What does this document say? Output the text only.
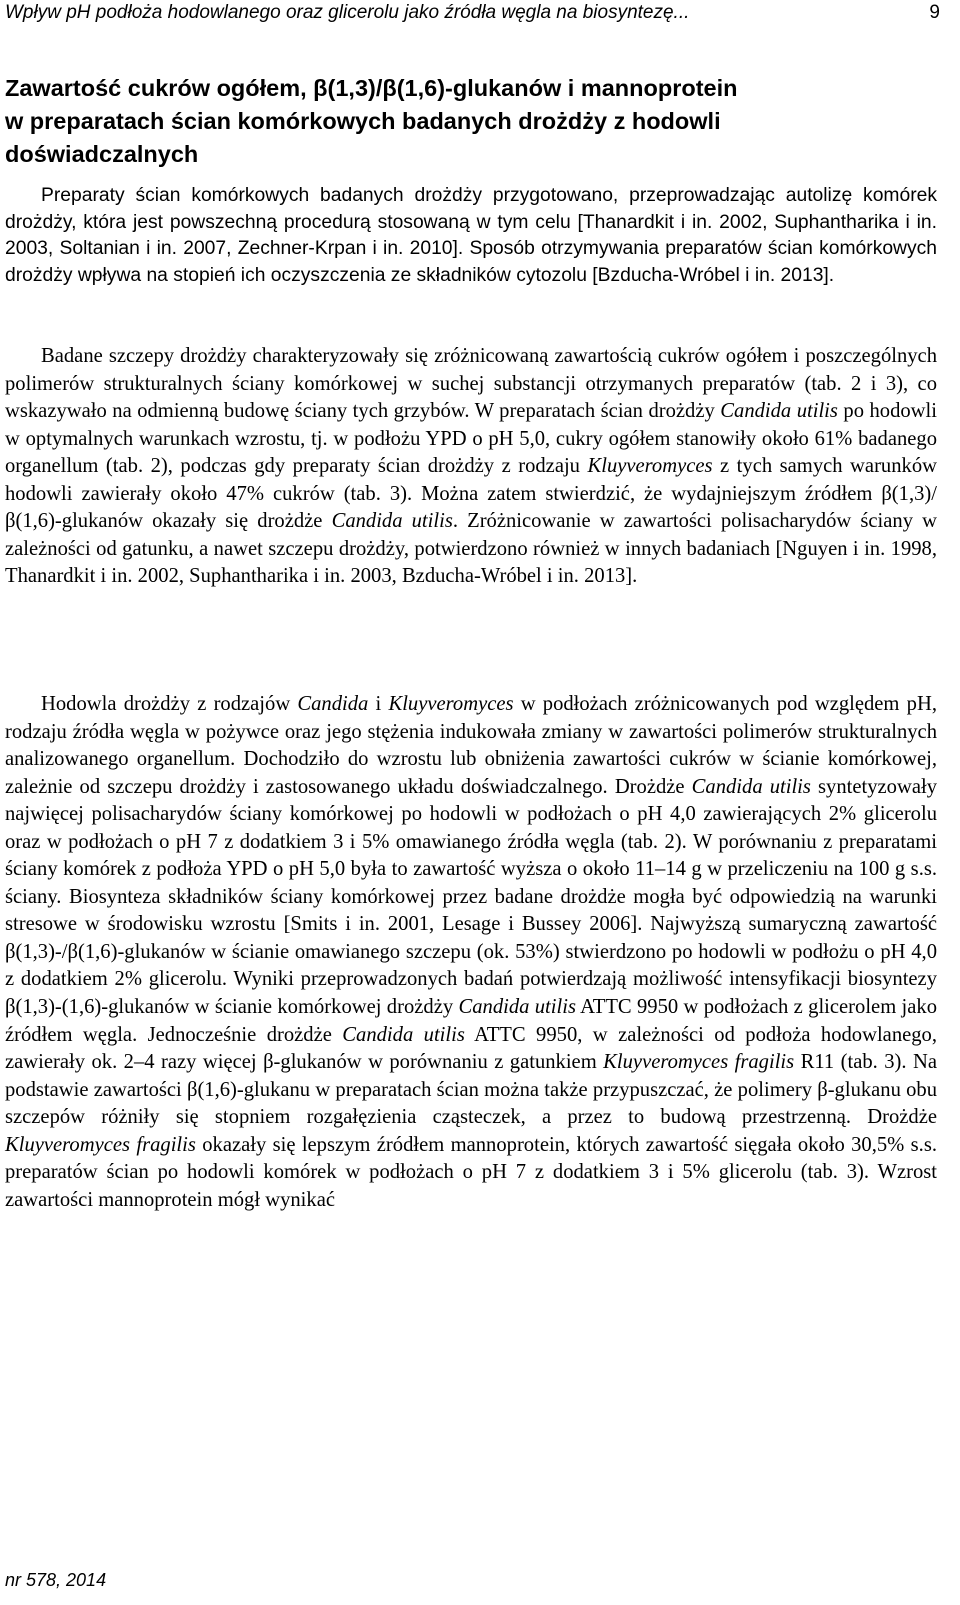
Wpływ pH podłoża hodowlanego oraz glicerolu jako źródła węgla na biosyntezę...	9
Zawartość cukrów ogółem, β(1,3)/β(1,6)-glukanów i mannoprotein
w preparatach ścian komórkowych badanych drożdży z hodowli
doświadczalnych

Preparaty ścian komórkowych badanych drożdży przygotowano, przeprowadzając autolizę komórek drożdży, która jest powszechną procedurą stosowaną w tym celu [Thanardkit i in. 2002, Suphantharika i in. 2003, Soltanian i in. 2007, Zechner-Krpan i in. 2010]. Sposób otrzymywania preparatów ścian komórkowych drożdży wpływa na stopień ich oczyszczenia ze składników cytozolu [Bzducha-Wróbel i in. 2013].

Badane szczepy drożdży charakteryzowały się zróżnicowaną zawartością cukrów ogółem i poszczególnych polimerów strukturalnych ściany komórkowej w suchej substancji otrzymanych preparatów (tab. 2 i 3), co wskazywało na odmienną budowę ściany tych grzybów. W preparatach ścian drożdży Candida utilis po hodowli w optymalnych warunkach wzrostu, tj. w podłożu YPD o pH 5,0, cukry ogółem stanowiły około 61% badanego organellum (tab. 2), podczas gdy preparaty ścian drożdży z rodzaju Kluyveromyces z tych samych warunków hodowli zawierały około 47% cukrów (tab. 3). Można zatem stwierdzić, że wydajniejszym źródłem β(1,3)/β(1,6)-glukanów okazały się drożdże Candida utilis. Zróżnicowanie w zawartości polisacharydów ściany w zależności od gatunku, a nawet szczepu drożdży, potwierdzono również w innych badaniach [Nguyen i in. 1998, Thanardkit i in. 2002, Suphantharika i in. 2003, Bzducha-Wróbel i in. 2013].

Hodowla drożdży z rodzajów Candida i Kluyveromyces w podłożach zróżnicowanych pod względem pH, rodzaju źródła węgla w pożywce oraz jego stężenia indukowała zmiany w zawartości polimerów strukturalnych analizowanego organellum. Dochodziło do wzrostu lub obniżenia zawartości cukrów w ścianie komórkowej, zależnie od szczepu drożdży i zastosowanego układu doświadczalnego. Drożdże Candida utilis syntetyzowały najwięcej polisacharydów ściany komórkowej po hodowli w podłożach o pH 4,0 zawierających 2% glicerolu oraz w podłożach o pH 7 z dodatkiem 3 i 5% omawianego źródła węgla (tab. 2). W porównaniu z preparatami ściany komórek z podłoża YPD o pH 5,0 była to zawartość wyższa o około 11–14 g w przeliczeniu na 100 g s.s. ściany. Biosynteza składników ściany komórkowej przez badane drożdże mogła być odpowiedzią na warunki stresowe w środowisku wzrostu [Smits i in. 2001, Lesage i Bussey 2006]. Najwyższą sumaryczną zawartość β(1,3)-/β(1,6)-glukanów w ścianie omawianego szczepu (ok. 53%) stwierdzono po hodowli w podłożu o pH 4,0 z dodatkiem 2% glicerolu. Wyniki przeprowadzonych badań potwierdzają możliwość intensyfikacji biosyntezy β(1,3)-(1,6)-glukanów w ścianie komórkowej drożdży Candida utilis ATTC 9950 w podłożach z glicerolem jako źródłem węgla. Jednocześnie drożdże Candida utilis ATTC 9950, w zależności od podłoża hodowlanego, zawierały ok. 2–4 razy więcej β-glukanów w porównaniu z gatunkiem Kluyveromyces fragilis R11 (tab. 3). Na podstawie zawartości β(1,6)-glukanu w preparatach ścian można także przypuszczać, że polimery β-glukanu obu szczepów różniły się stopniem rozgałęzienia cząsteczek, a przez to budową przestrzenną. Drożdże Kluyveromyces fragilis okazały się lepszym źródłem mannoprotein, których zawartość sięgała około 30,5% s.s. preparatów ścian po hodowli komórek w podłożach o pH 7 z dodatkiem 3 i 5% glicerolu (tab. 3). Wzrost zawartości mannoprotein mógł wynikać

nr 578, 2014
